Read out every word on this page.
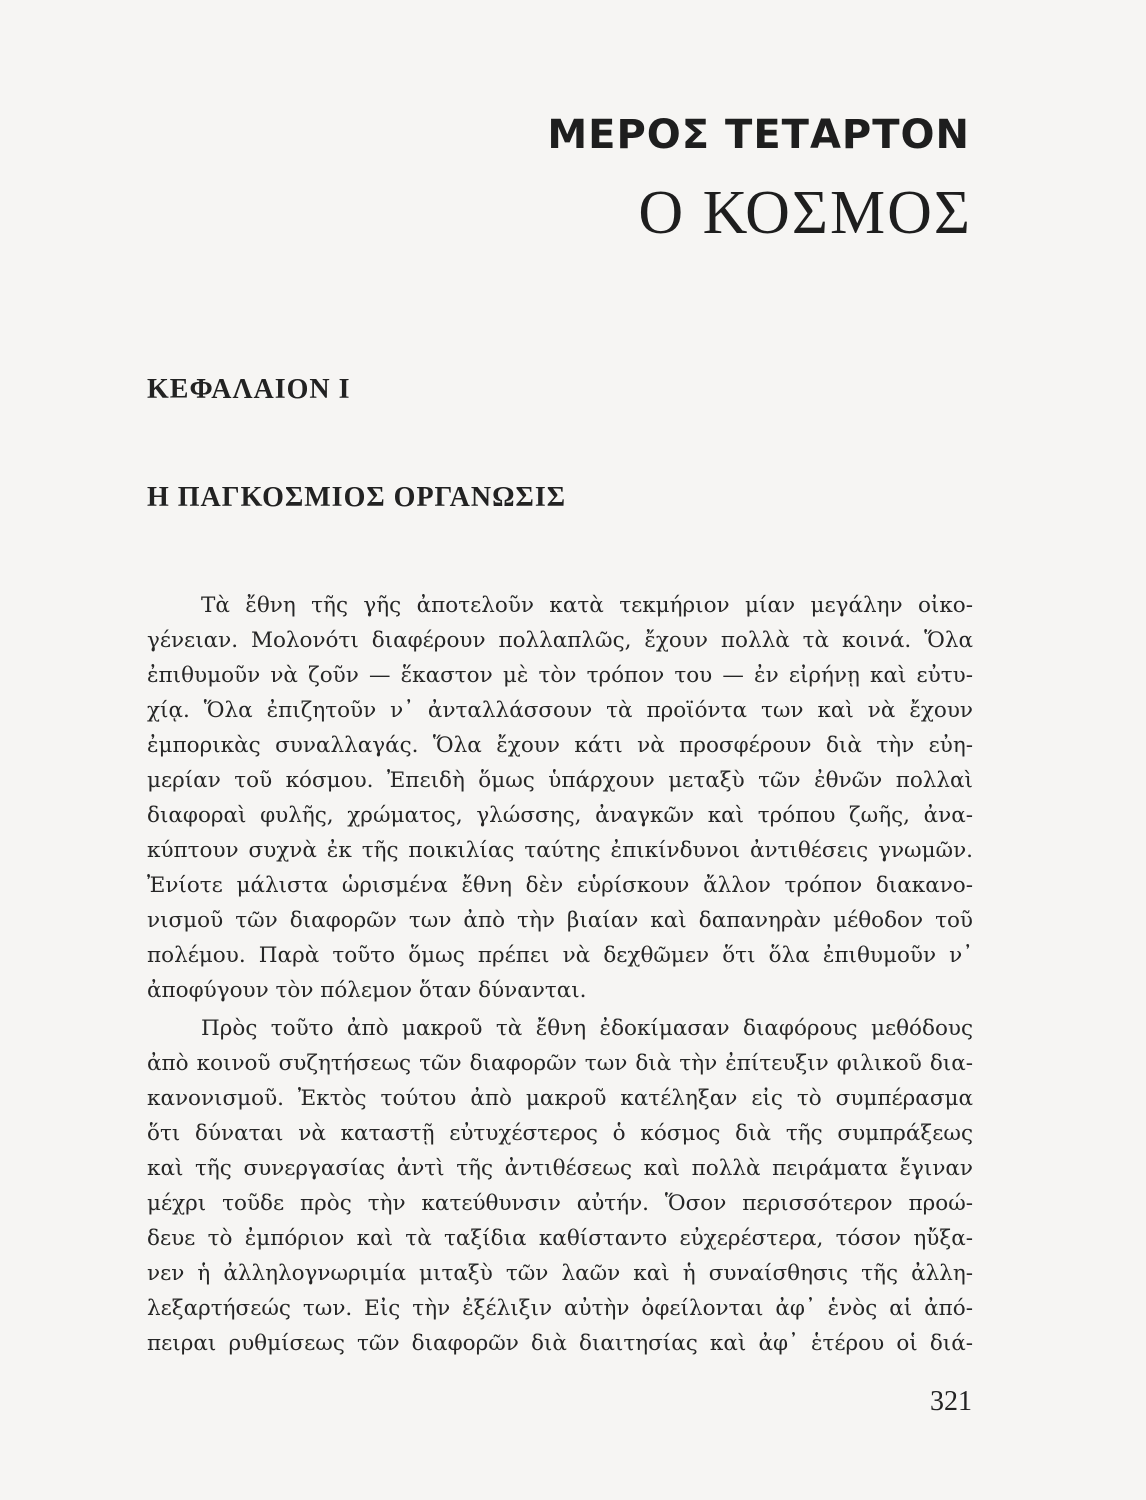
ΜΕΡΟΣ ΤΕΤΑΡΤΟΝ
Ο ΚΟΣΜΟΣ
ΚΕΦΑΛΑΙΟΝ Ι
Η ΠΑΓΚΟΣΜΙΟΣ ΟΡΓΑΝΩΣΙΣ
Τὰ ἔθνη τῆς γῆς ἀποτελοῦν κατὰ τεκμήριον μίαν μεγάλην οἰκο-
γένειαν. Μολονότι διαφέρουν πολλαπλῶς, ἔχουν πολλὰ τὰ κοινά. Ὅλα
ἐπιθυμοῦν νὰ ζοῦν — ἕκαστον μὲ τὸν τρόπον του — ἐν εἰρήνῃ καὶ εὐτυ-
χίᾳ. Ὅλα ἐπιζητοῦν ν᾽ ἀνταλλάσσουν τὰ προϊόντα των καὶ νὰ ἔχουν
ἐμπορικὰς συναλλαγάς. Ὅλα ἔχουν κάτι νὰ προσφέρουν διὰ τὴν εὐη-
μερίαν τοῦ κόσμου. Ἐπειδὴ ὅμως ὑπάρχουν μεταξὺ τῶν ἐθνῶν πολλαὶ
διαφοραὶ φυλῆς, χρώματος, γλώσσης, ἀναγκῶν καὶ τρόπου ζωῆς, ἀνα-
κύπτουν συχνὰ ἐκ τῆς ποικιλίας ταύτης ἐπικίνδυνοι ἀντιθέσεις γνωμῶν.
Ἐνίοτε μάλιστα ὡρισμένα ἔθνη δὲν εὑρίσκουν ἄλλον τρόπον διακανο-
νισμοῦ τῶν διαφορῶν των ἀπὸ τὴν βιαίαν καὶ δαπανηρὰν μέθοδον τοῦ
πολέμου. Παρὰ τοῦτο ὅμως πρέπει νὰ δεχθῶμεν ὅτι ὅλα ἐπιθυμοῦν ν᾽
ἀποφύγουν τὸν πόλεμον ὅταν δύνανται.
Πρὸς τοῦτο ἀπὸ μακροῦ τὰ ἔθνη ἐδοκίμασαν διαφόρους μεθόδους
ἀπὸ κοινοῦ συζητήσεως τῶν διαφορῶν των διὰ τὴν ἐπίτευξιν φιλικοῦ δια-
κανονισμοῦ. Ἐκτὸς τούτου ἀπὸ μακροῦ κατέληξαν εἰς τὸ συμπέρασμα
ὅτι δύναται νὰ καταστῇ εὐτυχέστερος ὁ κόσμος διὰ τῆς συμπράξεως
καὶ τῆς συνεργασίας ἀντὶ τῆς ἀντιθέσεως καὶ πολλὰ πειράματα ἔγιναν
μέχρι τοῦδε πρὸς τὴν κατεύθυνσιν αὐτήν. Ὅσον περισσότερον προώ-
δευε τὸ ἐμπόριον καὶ τὰ ταξίδια καθίσταντο εὐχερέστερα, τόσον ηὔξα-
νεν ἡ ἀλληλογνωριμία μιταξὺ τῶν λαῶν καὶ ἡ συναίσθησις τῆς ἀλλη-
λεξαρτήσεώς των. Εἰς τὴν ἐξέλιξιν αὐτὴν ὀφείλονται ἀφ᾽ ἑνὸς αἱ ἀπό-
πειραι ρυθμίσεως τῶν διαφορῶν διὰ διαιτησίας καὶ ἀφ᾽ ἑτέρου οἱ διά-
321
